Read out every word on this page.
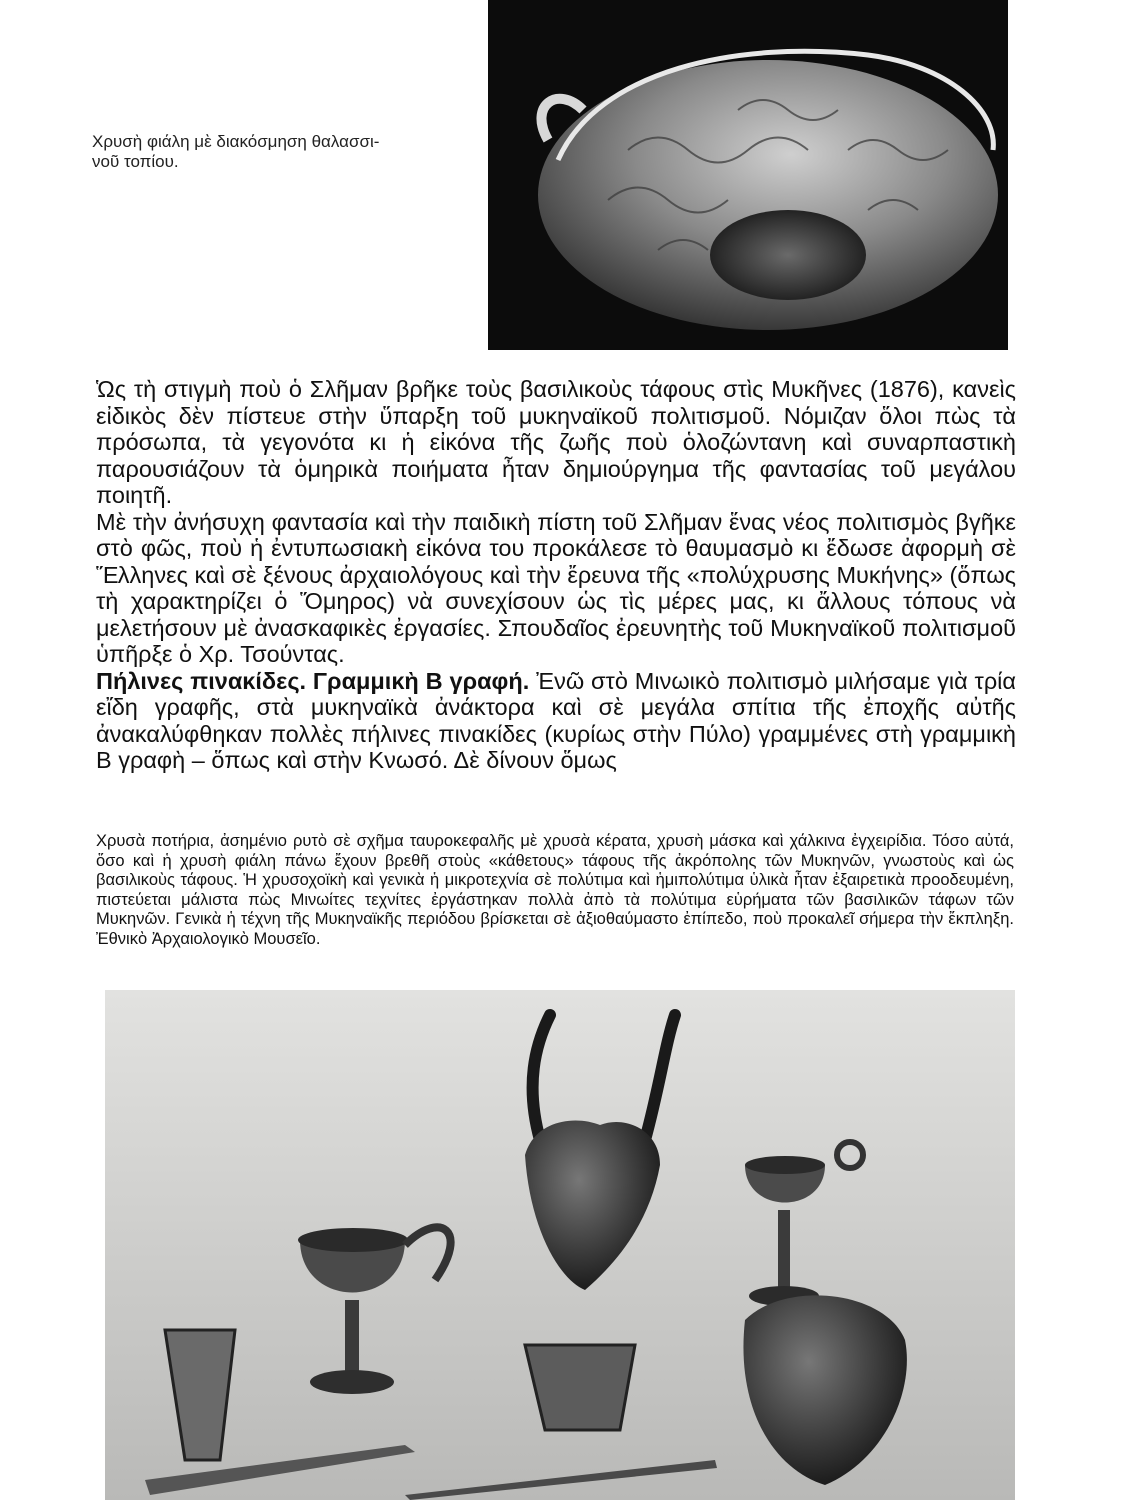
Χρυσὴ φιάλη μὲ διακόσμηση θαλασσι-
νοῦ τοπίου.

Ὡς τὴ στιγμὴ ποὺ ὁ Σλῆμαν βρῆκε τοὺς βασιλικοὺς τάφους στὶς Μυκῆνες (1876), κανεὶς εἰδικὸς δὲν πίστευε στὴν ὕπαρξη τοῦ μυκηναϊκοῦ πολιτισμοῦ. Νόμιζαν ὅλοι πὼς τὰ πρόσωπα, τὰ γεγονότα κι ἡ εἰκόνα τῆς ζωῆς ποὺ ὁλοζώντανη καὶ συναρπαστικὴ παρουσιάζουν τὰ ὁμηρικὰ ποιήματα ἦταν δημιούργημα τῆς φαντασίας τοῦ μεγάλου ποιητῆ.

Μὲ τὴν ἀνήσυχη φαντασία καὶ τὴν παιδικὴ πίστη τοῦ Σλῆμαν ἕνας νέος πολιτισμὸς βγῆκε στὸ φῶς, ποὺ ἡ ἐντυπωσιακὴ εἰκόνα του προκάλεσε τὸ θαυμασμὸ κι ἔδωσε ἀφορμὴ σὲ Ἕλληνες καὶ σὲ ξένους ἀρχαιολόγους καὶ τὴν ἔρευνα τῆς «πολύχρυσης Μυκήνης» (ὅπως τὴ χαρακτηρίζει ὁ Ὅμηρος) νὰ συνεχίσουν ὡς τὶς μέρες μας, κι ἄλλους τόπους νὰ μελετήσουν μὲ ἀνασκαφικὲς ἐργασίες. Σπουδαῖος ἐρευνητὴς τοῦ Μυκηναϊκοῦ πολιτισμοῦ ὑπῆρξε ὁ Χρ. Τσούντας.

Πήλινες πινακίδες. Γραμμικὴ Β γραφή. Ἐνῶ στὸ Μινωικὸ πολιτισμὸ μιλήσαμε γιὰ τρία εἴδη γραφῆς, στὰ μυκηναϊκὰ ἀνάκτορα καὶ σὲ μεγάλα σπίτια τῆς ἐποχῆς αὐτῆς ἀνακαλύφθηκαν πολλὲς πήλινες πινακίδες (κυρίως στὴν Πύλο) γραμμένες στὴ γραμμικὴ Β γραφὴ – ὅπως καὶ στὴν Κνωσό. Δὲ δίνουν ὅμως

Χρυσὰ ποτήρια, ἀσημένιο ρυτὸ σὲ σχῆμα ταυροκεφαλῆς μὲ χρυσὰ κέρατα, χρυσὴ μάσκα καὶ χάλκινα ἐγχειρίδια. Τόσο αὐτά, ὅσο καὶ ἡ χρυσὴ φιάλη πάνω ἔχουν βρεθῆ στοὺς «κάθετους» τάφους τῆς ἀκρόπολης τῶν Μυκηνῶν, γνωστοὺς καὶ ὡς βασιλικοὺς τάφους. Ἡ χρυσοχοϊκὴ καὶ γενικὰ ἡ μικροτεχνία σὲ πολύτιμα καὶ ἡμιπολύτιμα ὑλικὰ ἦταν ἐξαιρετικὰ προοδευμένη, πιστεύεται μάλιστα πὼς Μινωίτες τεχνίτες ἐργάστηκαν πολλὰ ἀπὸ τὰ πολύτιμα εὑρήματα τῶν βασιλικῶν τάφων τῶν Μυκηνῶν. Γενικὰ ἡ τέχνη τῆς Μυκηναϊκῆς περιόδου βρίσκεται σὲ ἀξιοθαύμαστο ἐπίπεδο, ποὺ προκαλεῖ σήμερα τὴν ἔκπληξη. Ἐθνικὸ Ἀρχαιολογικὸ Μουσεῖο.
